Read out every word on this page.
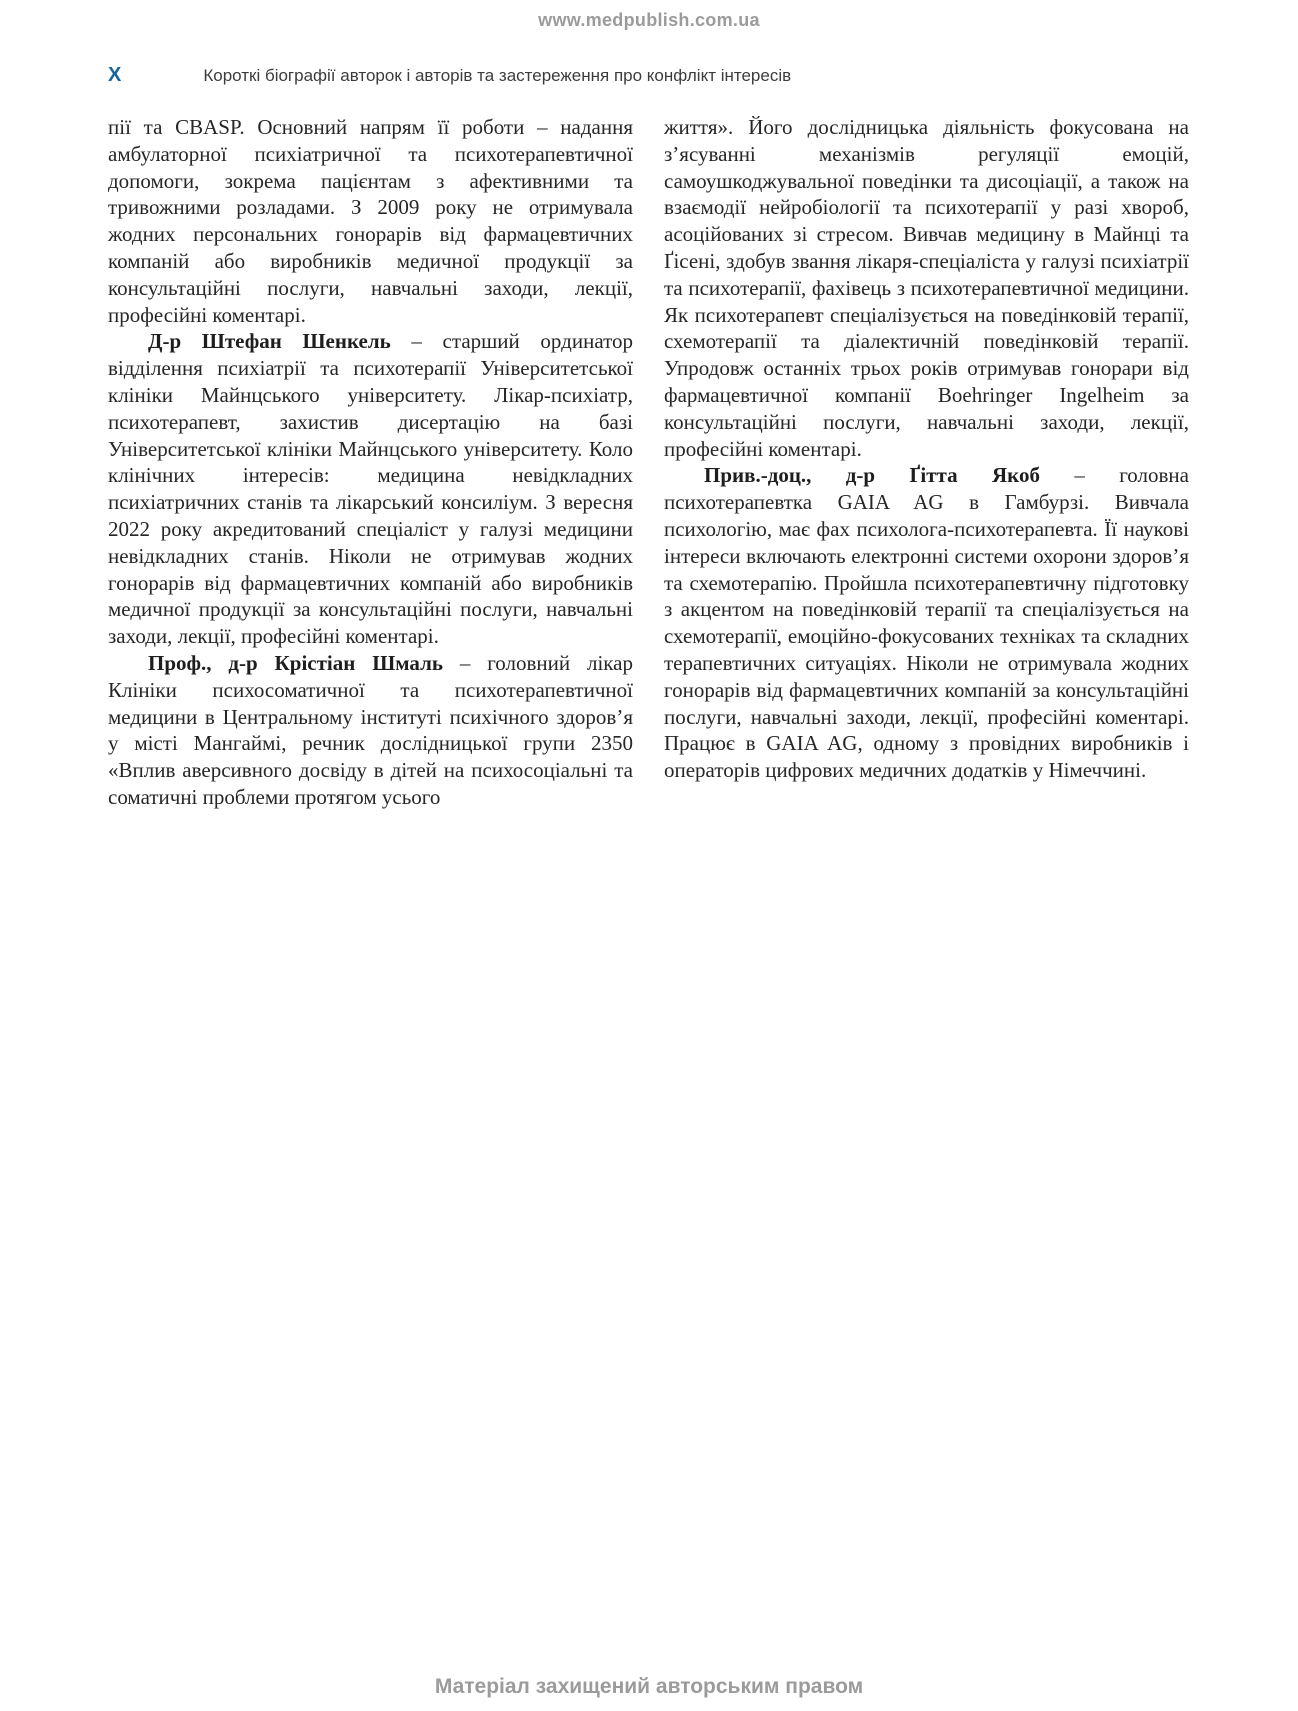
www.medpublish.com.ua
X	Короткі біографії авторок і авторів та застереження про конфлікт інтересів

пії та CBASP. Основний напрям її роботи – надання амбулаторної психіатричної та психотерапевтичної допомоги, зокрема пацієнтам з афективними та тривожними розладами. З 2009 року не отримувала жодних персональних гонорарів від фармацевтичних компаній або виробників медичної продукції за консультаційні послуги, навчальні заходи, лекції, професійні коментарі.

Д-р Штефан Шенкель – старший ординатор відділення психіатрії та психотерапії Університетської клініки Майнцського університету. Лікар-психіатр, психотерапевт, захистив дисертацію на базі Університетської клініки Майнцського університету. Коло клінічних інтересів: медицина невідкладних психіатричних станів та лікарський консиліум. З вересня 2022 року акредитований спеціаліст у галузі медицини невідкладних станів. Ніколи не отримував жодних гонорарів від фармацевтичних компаній або виробників медичної продукції за консультаційні послуги, навчальні заходи, лекції, професійні коментарі.

Проф., д-р Крістіан Шмаль – головний лікар Клініки психосоматичної та психотерапевтичної медицини в Центральному інституті психічного здоров’я у місті Мангаймі, речник дослідницької групи 2350 «Вплив аверсивного досвіду в дітей на психосоціальні та соматичні проблеми протягом усього

життя». Його дослідницька діяльність фокусована на з’ясуванні механізмів регуляції емоцій, самоушкоджувальної поведінки та дисоціації, а також на взаємодії нейробіології та психотерапії у разі хвороб, асоційованих зі стресом. Вивчав медицину в Майнці та Ґісені, здобув звання лікаря-спеціаліста у галузі психіатрії та психотерапії, фахівець з психотерапевтичної медицини. Як психотерапевт спеціалізується на поведінковій терапії, схемотерапії та діалектичній поведінковій терапії. Упродовж останніх трьох років отримував гонорари від фармацевтичної компанії Boehringer Ingelheim за консультаційні послуги, навчальні заходи, лекції, професійні коментарі.

Прив.-доц., д-р Ґітта Якоб – головна психотерапевтка GAIA AG в Гамбурзі. Вивчала психологію, має фах психолога-психотерапевта. Її наукові інтереси включають електронні системи охорони здоров’я та схемотерапію. Пройшла психотерапевтичну підготовку з акцентом на поведінковій терапії та спеціалізується на схемотерапії, емоційно-фокусованих техніках та складних терапевтичних ситуаціях. Ніколи не отримувала жодних гонорарів від фармацевтичних компаній за консультаційні послуги, навчальні заходи, лекції, професійні коментарі. Працює в GAIA AG, одному з провідних виробників і операторів цифрових медичних додатків у Німеччині.

Матеріал захищений авторським правом
